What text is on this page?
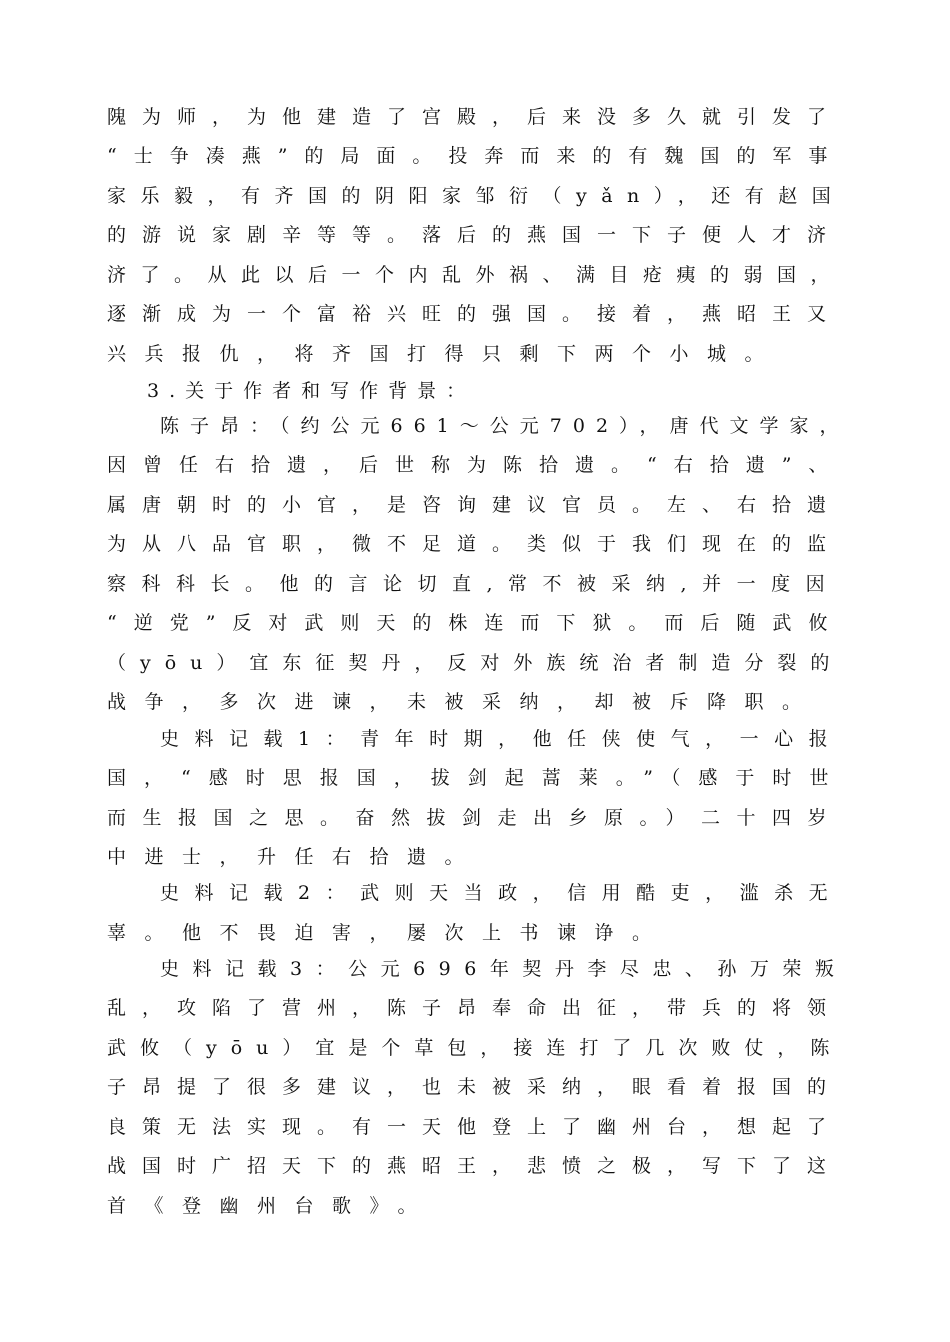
隗为师，为他建造了宫殿，后来没多久就引发了
“士争凑燕”的局面。投奔而来的有魏国的军事
家乐毅，有齐国的阴阳家邹衍（yǎn），还有赵国
的游说家剧辛等等。落后的燕国一下子便人才济
济了。从此以后一个内乱外祸、满目疮痍的弱国，
逐渐成为一个富裕兴旺的强国。接着，燕昭王又
兴兵报仇，将齐国打得只剩下两个小城。
3.关于作者和写作背景：
陈子昂：（约公元661～公元702），唐代文学家，
因曾任右拾遗，后世称为陈拾遗。“右拾遗”、
属唐朝时的小官，是咨询建议官员。左、右拾遗
为从八品官职，微不足道。类似于我们现在的监
察科科长。他的言论切直,常不被采纳,并一度因
“逆党”反对武则天的株连而下狱。而后随武攸
（yōu）宜东征契丹，反对外族统治者制造分裂的
战争，多次进谏，未被采纳，却被斥降职。
史料记载1：青年时期，他任侠使气，一心报
国，“感时思报国，拔剑起蒿莱。”（感于时世
而生报国之思。奋然拔剑走出乡原。）二十四岁
中进士，升任右拾遗。
史料记载2：武则天当政，信用酷吏，滥杀无
辜。他不畏迫害，屡次上书谏诤。
史料记载3：公元696年契丹李尽忠、孙万荣叛
乱，攻陷了营州，陈子昂奉命出征，带兵的将领
武攸（yōu）宜是个草包，接连打了几次败仗，陈
子昂提了很多建议，也未被采纳，眼看着报国的
良策无法实现。有一天他登上了幽州台，想起了
战国时广招天下的燕昭王，悲愤之极，写下了这
首《登幽州台歌》。
